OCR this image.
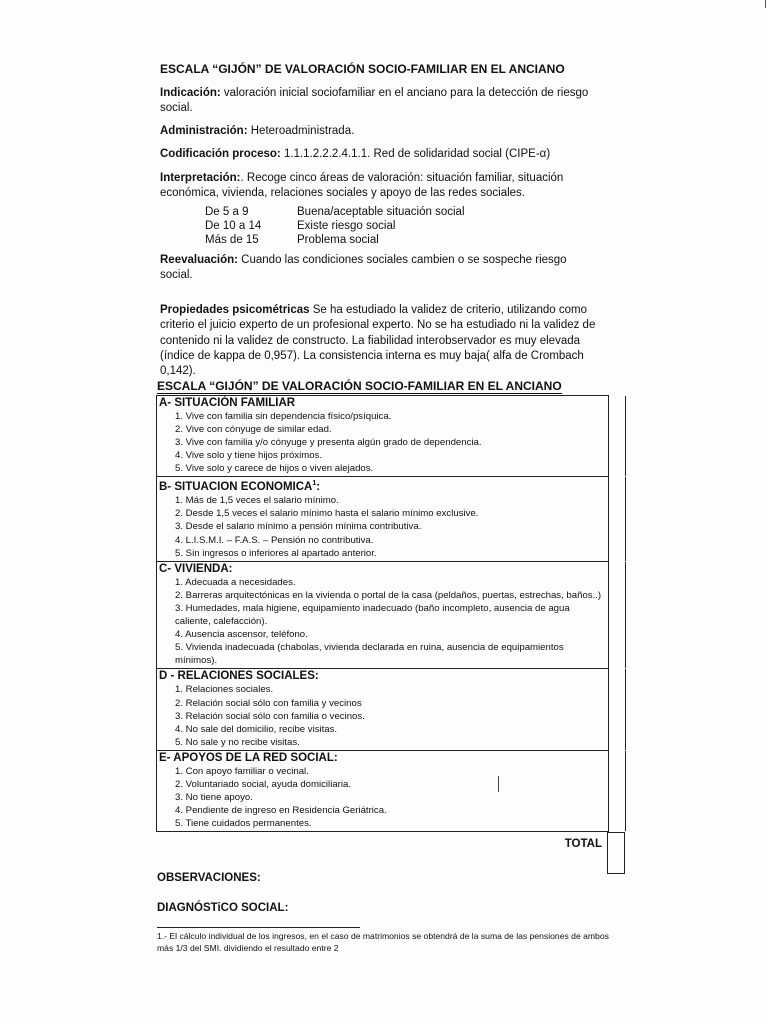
ESCALA “GIJÓN” DE VALORACIÓN SOCIO-FAMILIAR EN EL ANCIANO

Indicación: valoración inicial sociofamiliar en el anciano para la detección de riesgo social.

Administración: Heteroadministrada.

Codificación proceso: 1.1.1.2.2.2.4.1.1. Red de solidaridad social (CIPE-α)

Interpretación:. Recoge cinco áreas de valoración: situación familiar, situación económica, vivienda, relaciones sociales y apoyo de las redes sociales.

De 5 a 9	Buena/aceptable situación social
De 10 a 14	Existe riesgo social
Más de 15	Problema social

Reevaluación: Cuando las condiciones sociales cambien o se sospeche riesgo social.

Propiedades psicométricas Se ha estudiado la validez de criterio, utilizando como criterio el juicio experto de un profesional experto. No se ha estudiado ni la validez de contenido ni la validez de constructo. La fiabilidad interobservador es muy elevada (índice de kappa de 0,957). La consistencia interna es muy baja( alfa de Crombach 0,142).

ESCALA “GIJÓN” DE VALORACIÓN SOCIO-FAMILIAR EN EL ANCIANO
A- SITUACIÓN FAMILIAR
1. Vive con familia sin dependencia físico/psíquica.
2. Vive con cónyuge de similar edad.
3. Vive con familia y/o cónyuge y presenta algún grado de dependencia.
4. Vive solo y tiene hijos próximos.
5. Vive solo y carece de hijos o viven alejados.
B- SITUACION ECONOMICA$^1$:
1. Más de 1,5 veces el salario mínimo.
2. Desde 1,5 veces el salario mínimo hasta el salario mínimo exclusive.
3. Desde el salario mínimo a pensión mínima contributiva.
4. L.I.S.M.I. – F.A.S. – Pensión no contributiva.
5. Sin ingresos o inferiores al apartado anterior.
C- VIVIENDA:
1. Adecuada a necesidades.
2. Barreras arquitectónicas en la vivienda o portal de la casa (peldaños, puertas, estrechas, baños..)
3. Humedades, mala higiene, equipamiento inadecuado (baño incompleto, ausencia de agua caliente, calefacción).
4. Ausencia ascensor, teléfono.
5. Vivienda inadecuada (chabolas, vivienda declarada en ruina, ausencia de equipamientos mínimos).
D - RELACIONES SOCIALES:
1. Relaciones sociales.
2. Relación social sólo con familia y vecinos
3. Relación social sólo con familia o vecinos.
4. No sale del domicilio, recibe visitas.
5. No sale y no recibe visitas.
E- APOYOS DE LA RED SOCIAL:
1. Con apoyo familiar o vecinal.
2. Voluntariado social, ayuda domiciliaria.
3. No tiene apoyo.
4. Pendiente de ingreso en Residencia Geriátrica.
5. Tiene cuidados permanentes.
TOTAL
OBSERVACIONES:
DIAGNÓSTiCO SOCIAL:
1.- El cálculo individual de los ingresos, en el caso de matrimonios se obtendrá de la suma de las pensiones de ambos más 1/3 del SMI. dividiendo el resultado entre 2
